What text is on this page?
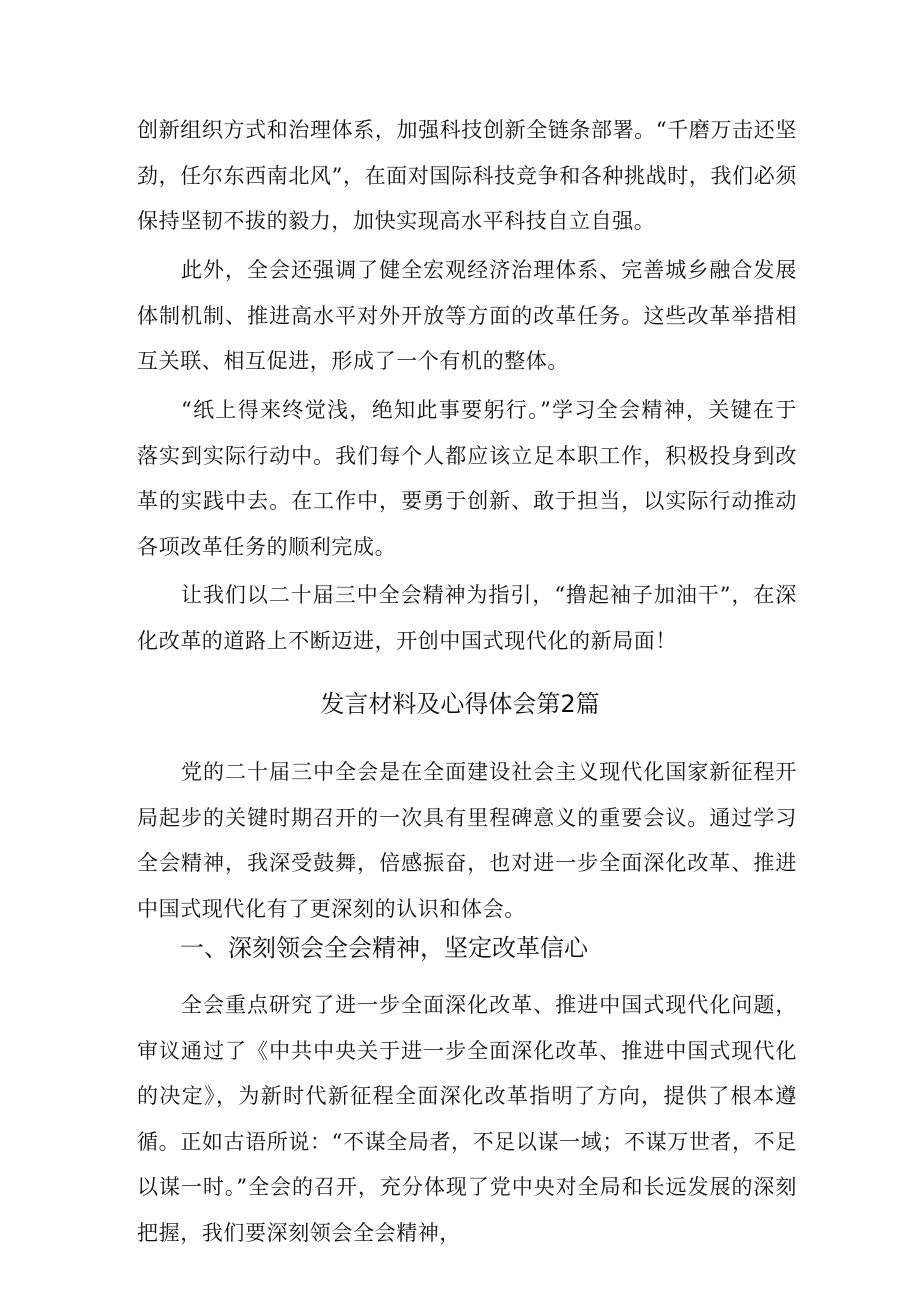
创新组织方式和治理体系，加强科技创新全链条部署。“千磨万击还坚劲，任尔东西南北风”，在面对国际科技竞争和各种挑战时，我们必须保持坚韧不拔的毅力，加快实现高水平科技自立自强。

此外，全会还强调了健全宏观经济治理体系、完善城乡融合发展体制机制、推进高水平对外开放等方面的改革任务。这些改革举措相互关联、相互促进，形成了一个有机的整体。

“纸上得来终觉浅，绝知此事要躬行。”学习全会精神，关键在于落实到实际行动中。我们每个人都应该立足本职工作，积极投身到改革的实践中去。在工作中，要勇于创新、敢于担当，以实际行动推动各项改革任务的顺利完成。

让我们以二十届三中全会精神为指引，“撸起袖子加油干”，在深化改革的道路上不断迈进，开创中国式现代化的新局面！

发言材料及心得体会第2篇

党的二十届三中全会是在全面建设社会主义现代化国家新征程开局起步的关键时期召开的一次具有里程碑意义的重要会议。通过学习全会精神，我深受鼓舞，倍感振奋，也对进一步全面深化改革、推进中国式现代化有了更深刻的认识和体会。

一、深刻领会全会精神，坚定改革信心

全会重点研究了进一步全面深化改革、推进中国式现代化问题，审议通过了《中共中央关于进一步全面深化改革、推进中国式现代化的决定》，为新时代新征程全面深化改革指明了方向，提供了根本遵循。正如古语所说：“不谋全局者，不足以谋一域；不谋万世者，不足以谋一时。”全会的召开，充分体现了党中央对全局和长远发展的深刻把握，我们要深刻领会全会精神，
